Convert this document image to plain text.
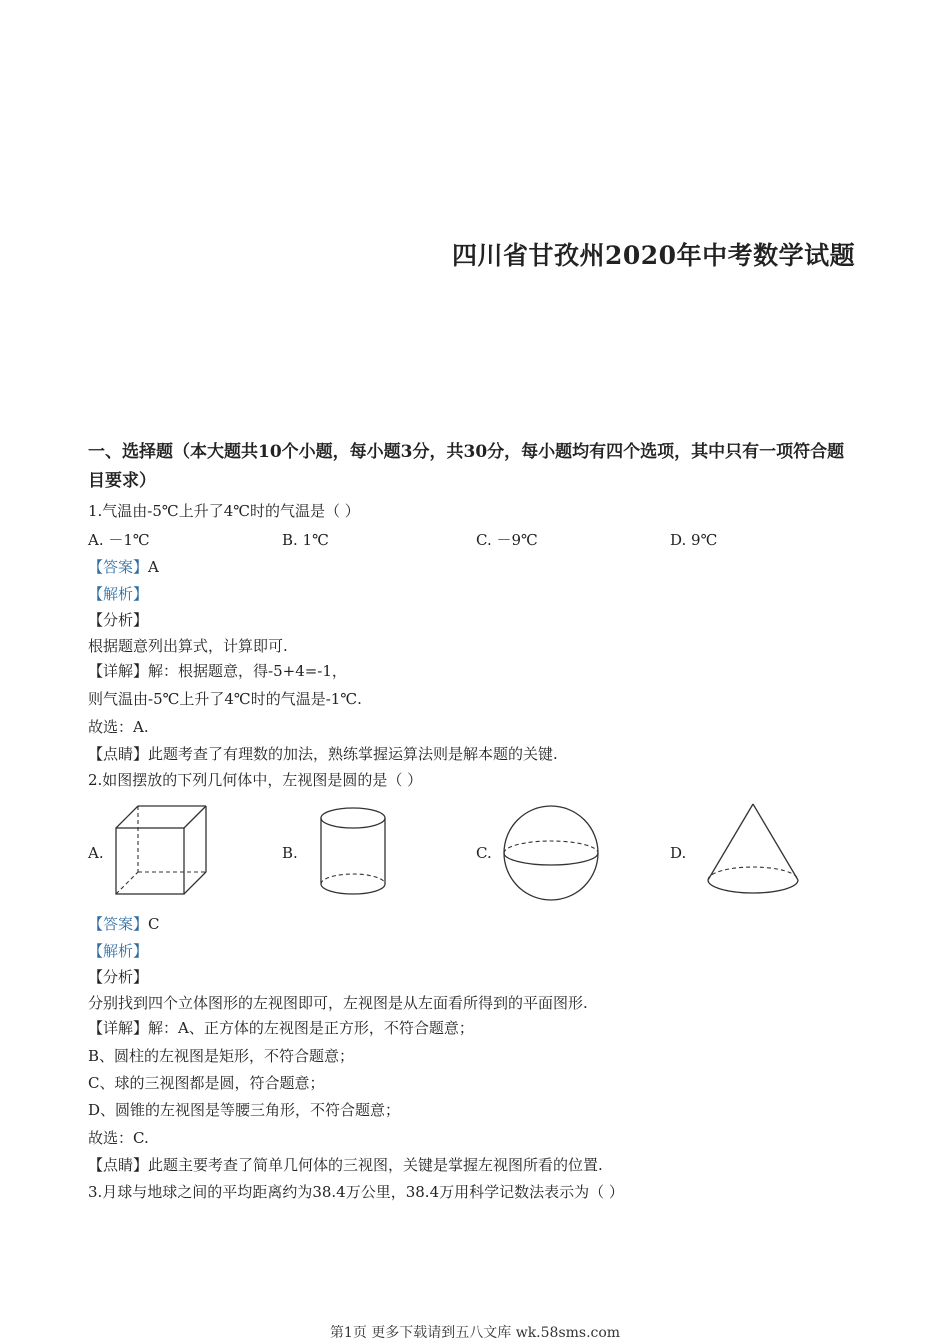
四川省甘孜州2020年中考数学试题
一、选择题（本大题共10个小题，每小题3分，共30分，每小题均有四个选项，其中只有一项符合题目要求）
1.气温由-5℃上升了4℃时的气温是（ ）
A. －1℃	B. 1℃	C. －9℃	D. 9℃
【答案】A
【解析】
【分析】
根据题意列出算式，计算即可.
【详解】解：根据题意，得-5+4=-1，
则气温由-5℃上升了4℃时的气温是-1℃.
故选：A.
【点睛】此题考查了有理数的加法，熟练掌握运算法则是解本题的关键.
2.如图摆放的下列几何体中，左视图是圆的是（ ）
A.	B.	C.	D.
【答案】C
【解析】
【分析】
分别找到四个立体图形的左视图即可，左视图是从左面看所得到的平面图形.
【详解】解：A、正方体的左视图是正方形，不符合题意；
B、圆柱的左视图是矩形，不符合题意；
C、球的三视图都是圆，符合题意；
D、圆锥的左视图是等腰三角形，不符合题意；
故选：C.
【点睛】此题主要考查了简单几何体的三视图，关键是掌握左视图所看的位置.
3.月球与地球之间的平均距离约为38.4万公里，38.4万用科学记数法表示为（ ）
第1页 更多下载请到五八文库 wk.58sms.com
